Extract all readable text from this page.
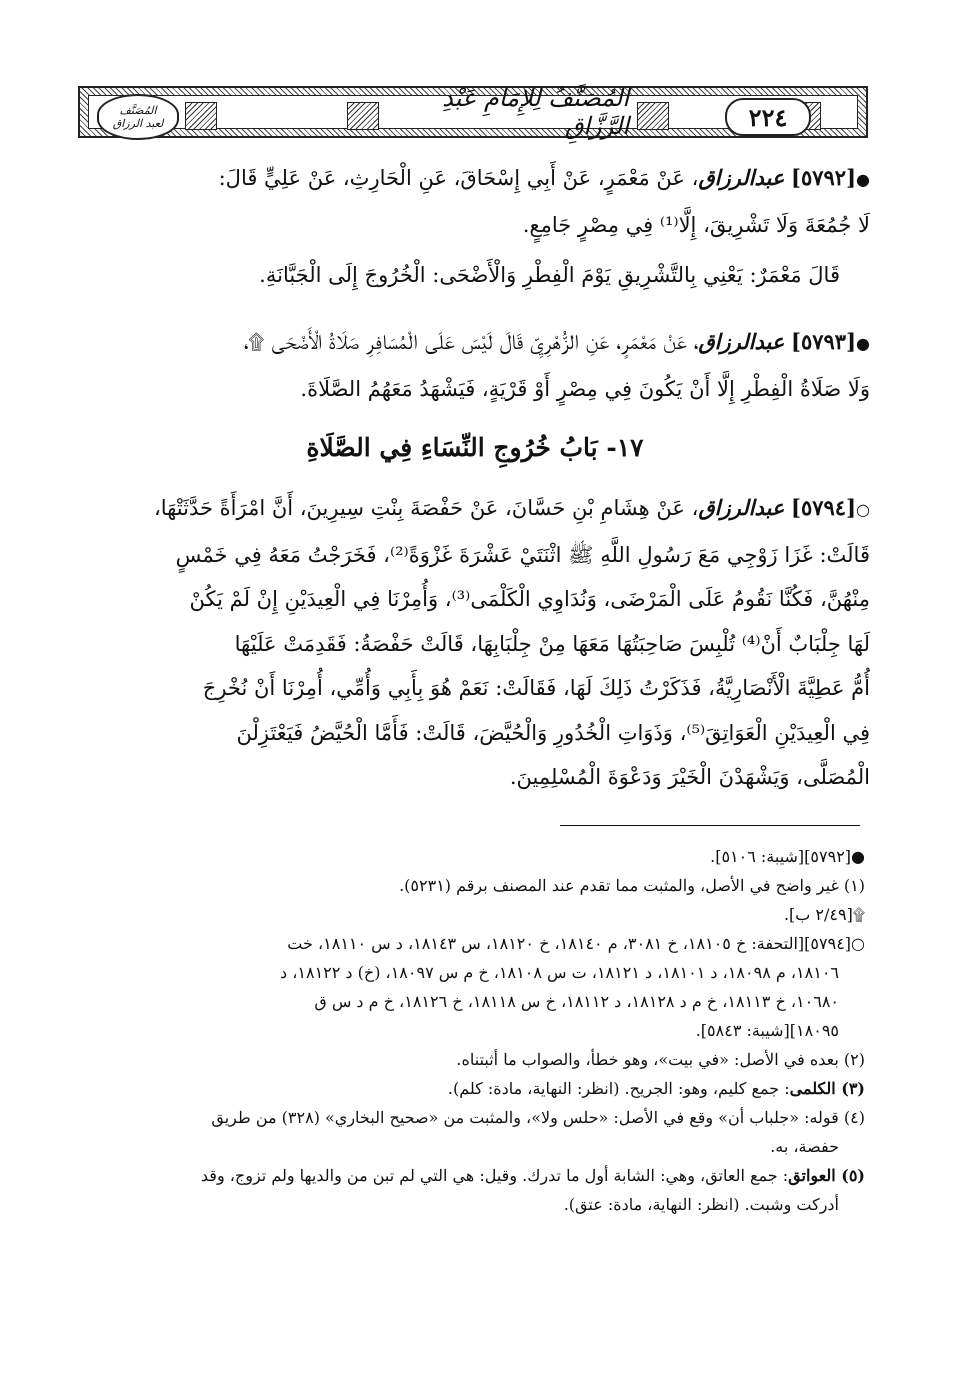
المُصَنَّف
لعبد الرزاق
المُصَنَّفُ لِلإِمَامِ عَبْدِ الرَّزَّاقِ	٢٢٤

●[٥٧٩٢] عبدالرزاق، عَنْ مَعْمَرٍ، عَنْ أَبِي إِسْحَاقَ، عَنِ الْحَارِثِ، عَنْ عَلِيٍّ قَالَ:

لَا جُمُعَةَ وَلَا تَشْرِيقَ، إِلَّا⁽¹⁾ فِي مِصْرٍ جَامِعٍ.

قَالَ مَعْمَرٌ: يَعْنِي بِالتَّشْرِيقِ يَوْمَ الْفِطْرِ وَالْأَضْحَى: الْخُرُوجَ إِلَى الْجَبَّانَةِ.

●[٥٧٩٣] عبدالرزاق، عَنْ مَعْمَرٍ، عَنِ الزُّهْرِيِّ قَالَ لَيْسَ عَلَى الْمُسَافِرِ صَلَاةُ الْأَضْحَى ۩،

وَلَا صَلَاةُ الْفِطْرِ إِلَّا أَنْ يَكُونَ فِي مِصْرٍ أَوْ قَرْيَةٍ، فَيَشْهَدُ مَعَهُمُ الصَّلَاةَ.

١٧- بَابُ خُرُوجِ النِّسَاءِ فِي الصَّلَاةِ

○[٥٧٩٤] عبدالرزاق، عَنْ هِشَامِ بْنِ حَسَّانَ، عَنْ حَفْصَةَ بِنْتِ سِيرِينَ، أَنَّ امْرَأَةً حَدَّثَتْهَا،

قَالَتْ: غَزَا زَوْجِي مَعَ رَسُولِ اللَّهِ ﷺ اثْنَتَيْ عَشْرَةَ غَزْوَةً⁽²⁾، فَخَرَجْتُ مَعَهُ فِي خَمْسٍ

مِنْهُنَّ، فَكُنَّا نَقُومُ عَلَى الْمَرْضَى، وَنُدَاوِي الْكَلْمَى⁽³⁾، وَأُمِرْنَا فِي الْعِيدَيْنِ إِنْ لَمْ يَكُنْ

لَهَا جِلْبَابٌ أَنْ⁽⁴⁾ تُلْبِسَ صَاحِبَتُهَا مَعَهَا مِنْ جِلْبَابِهَا، قَالَتْ حَفْصَةُ: فَقَدِمَتْ عَلَيْهَا

أُمُّ عَطِيَّةَ الْأَنْصَارِيَّةُ، فَذَكَرْتُ ذَلِكَ لَهَا، فَقَالَتْ: نَعَمْ هُوَ بِأَبِي وَأُمِّي، أُمِرْنَا أَنْ نُخْرِجَ

فِي الْعِيدَيْنِ الْعَوَاتِقَ⁽⁵⁾، وَذَوَاتِ الْخُدُورِ وَالْحُيَّضَ، قَالَتْ: فَأَمَّا الْحُيَّضُ فَيَعْتَزِلْنَ

الْمُصَلَّى، وَيَشْهَدْنَ الْخَيْرَ وَدَعْوَةَ الْمُسْلِمِينَ.

●[٥٧٩٢][شيبة: ٥١٠٦].

(١) غير واضح في الأصل، والمثبت مما تقدم عند المصنف برقم (٥٢٣١).

۩[٢/٤٩ ب].

○[٥٧٩٤][التحفة: خ ١٨١٠٥، خ ٣٠٨١، م ١٨١٤٠، خ ١٨١٢٠، س ١٨١٤٣، د س ١٨١١٠، خت

١٨١٠٦، م ١٨٠٩٨، د ١٨١٠١، د ١٨١٢١، ت س ١٨١٠٨، خ م س ١٨٠٩٧، (خ) د ١٨١٢٢، د

١٠٦٨٠، خ ١٨١١٣، خ م د ١٨١٢٨، د ١٨١١٢، خ س ١٨١١٨، خ ١٨١٢٦، خ م د س ق

١٨٠٩٥][شيبة: ٥٨٤٣].

(٢) بعده في الأصل: «في بيت»، وهو خطأ، والصواب ما أثبتناه.

(٣) الكلمى: جمع كليم، وهو: الجريح. (انظر: النهاية، مادة: كلم).

(٤) قوله: «جلباب أن» وقع في الأصل: «حلس ولا»، والمثبت من «صحيح البخاري» (٣٢٨) من طريق

حفصة، به.

(٥) العواتق: جمع العاتق، وهي: الشابة أول ما تدرك. وقيل: هي التي لم تبن من والديها ولم تزوج، وقد

أدركت وشبت. (انظر: النهاية، مادة: عتق).
